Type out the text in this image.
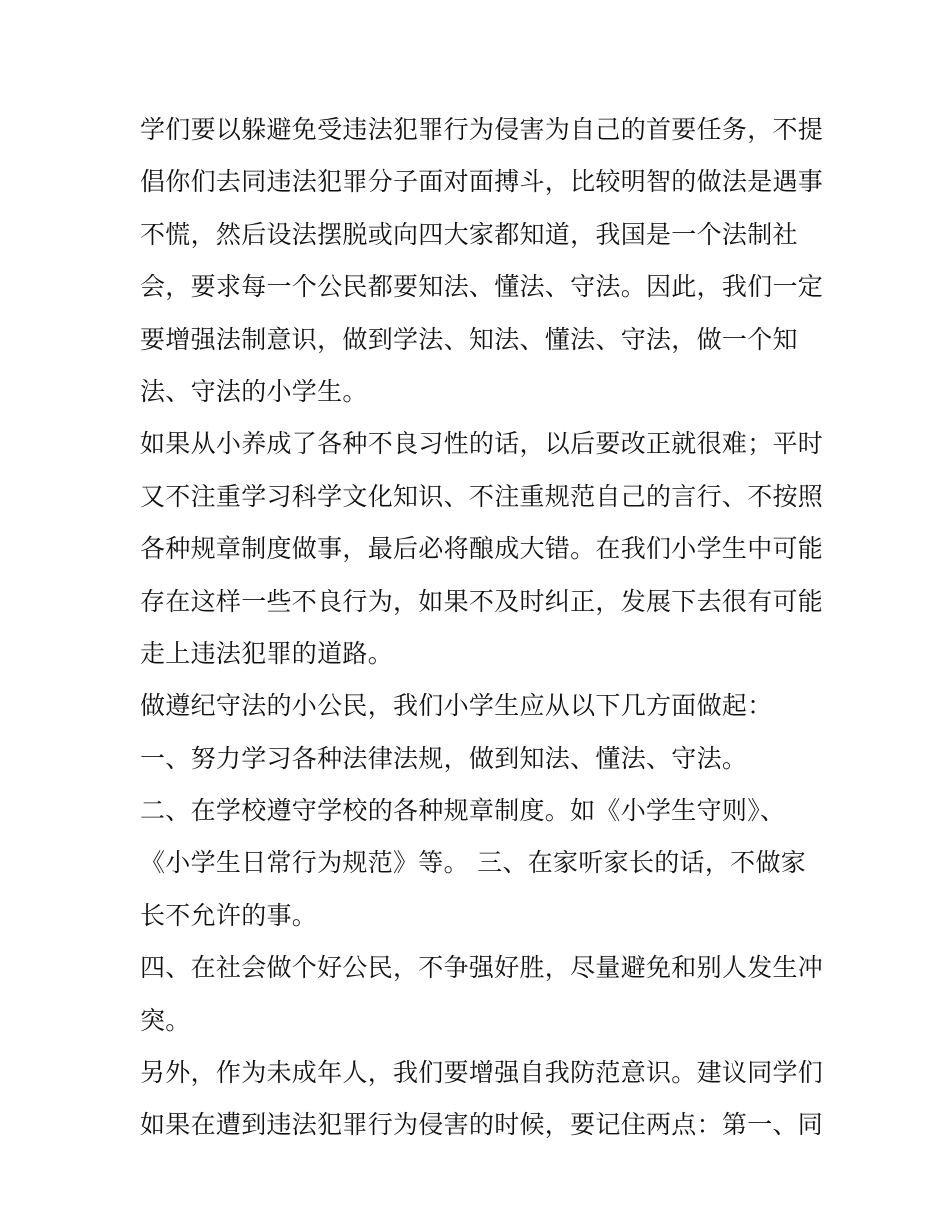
学们要以躲避免受违法犯罪行为侵害为自己的首要任务，不提
倡你们去同违法犯罪分子面对面搏斗，比较明智的做法是遇事
不慌，然后设法摆脱或向四大家都知道，我国是一个法制社
会，要求每一个公民都要知法、懂法、守法。因此，我们一定
要增强法制意识，做到学法、知法、懂法、守法，做一个知
法、守法的小学生。
如果从小养成了各种不良习性的话，以后要改正就很难；平时
又不注重学习科学文化知识、不注重规范自己的言行、不按照
各种规章制度做事，最后必将酿成大错。在我们小学生中可能
存在这样一些不良行为，如果不及时纠正，发展下去很有可能
走上违法犯罪的道路。
做遵纪守法的小公民，我们小学生应从以下几方面做起：
一、努力学习各种法律法规，做到知法、懂法、守法。
二、在学校遵守学校的各种规章制度。如《小学生守则》、
《小学生日常行为规范》等。 三、在家听家长的话，不做家
长不允许的事。
四、在社会做个好公民，不争强好胜，尽量避免和别人发生冲
突。
另外，作为未成年人，我们要增强自我防范意识。建议同学们
如果在遭到违法犯罪行为侵害的时候，要记住两点：第一、同
